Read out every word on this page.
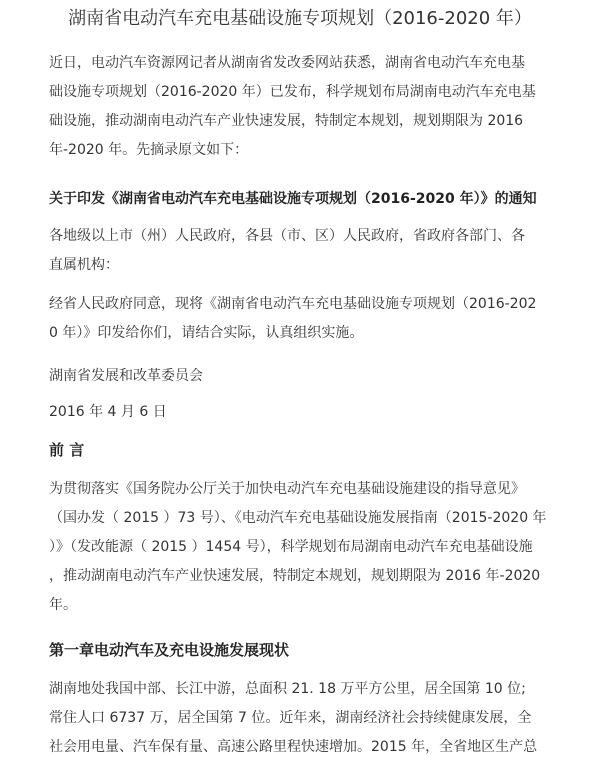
湖南省电动汽车充电基础设施专项规划（2016-2020 年）

近日，电动汽车资源网记者从湖南省发改委网站获悉，湖南省电动汽车充电基
础设施专项规划（2016-2020 年）已发布，科学规划布局湖南电动汽车充电基
础设施，推动湖南电动汽车产业快速发展，特制定本规划，规划期限为 2016
年-2020 年。先摘录原文如下：

关于印发《湖南省电动汽车充电基础设施专项规划（2016-2020 年）》的通知

各地级以上市（州）人民政府，各县（市、区）人民政府，省政府各部门、各
直属机构：

经省人民政府同意，现将《湖南省电动汽车充电基础设施专项规划（2016-202
0 年）》印发给你们，请结合实际，认真组织实施。

湖南省发展和改革委员会

2016 年 4 月 6 日

前 言

为贯彻落实《国务院办公厅关于加快电动汽车充电基础设施建设的指导意见》
（国办发（ 2015 ）73 号）、《电动汽车充电基础设施发展指南（2015-2020 年
）》（发改能源（ 2015 ）1454 号），科学规划布局湖南电动汽车充电基础设施
，推动湖南电动汽车产业快速发展，特制定本规划，规划期限为 2016 年-2020
年。

第一章电动汽车及充电设施发展现状

湖南地处我国中部、长江中游，总面积 21. 18 万平方公里，居全国第 10 位;
常住人口 6737 万，居全国第 7 位。近年来，湖南经济社会持续健康发展，全
社会用电量、汽车保有量、高速公路里程快速增加。2015 年，全省地区生产总
